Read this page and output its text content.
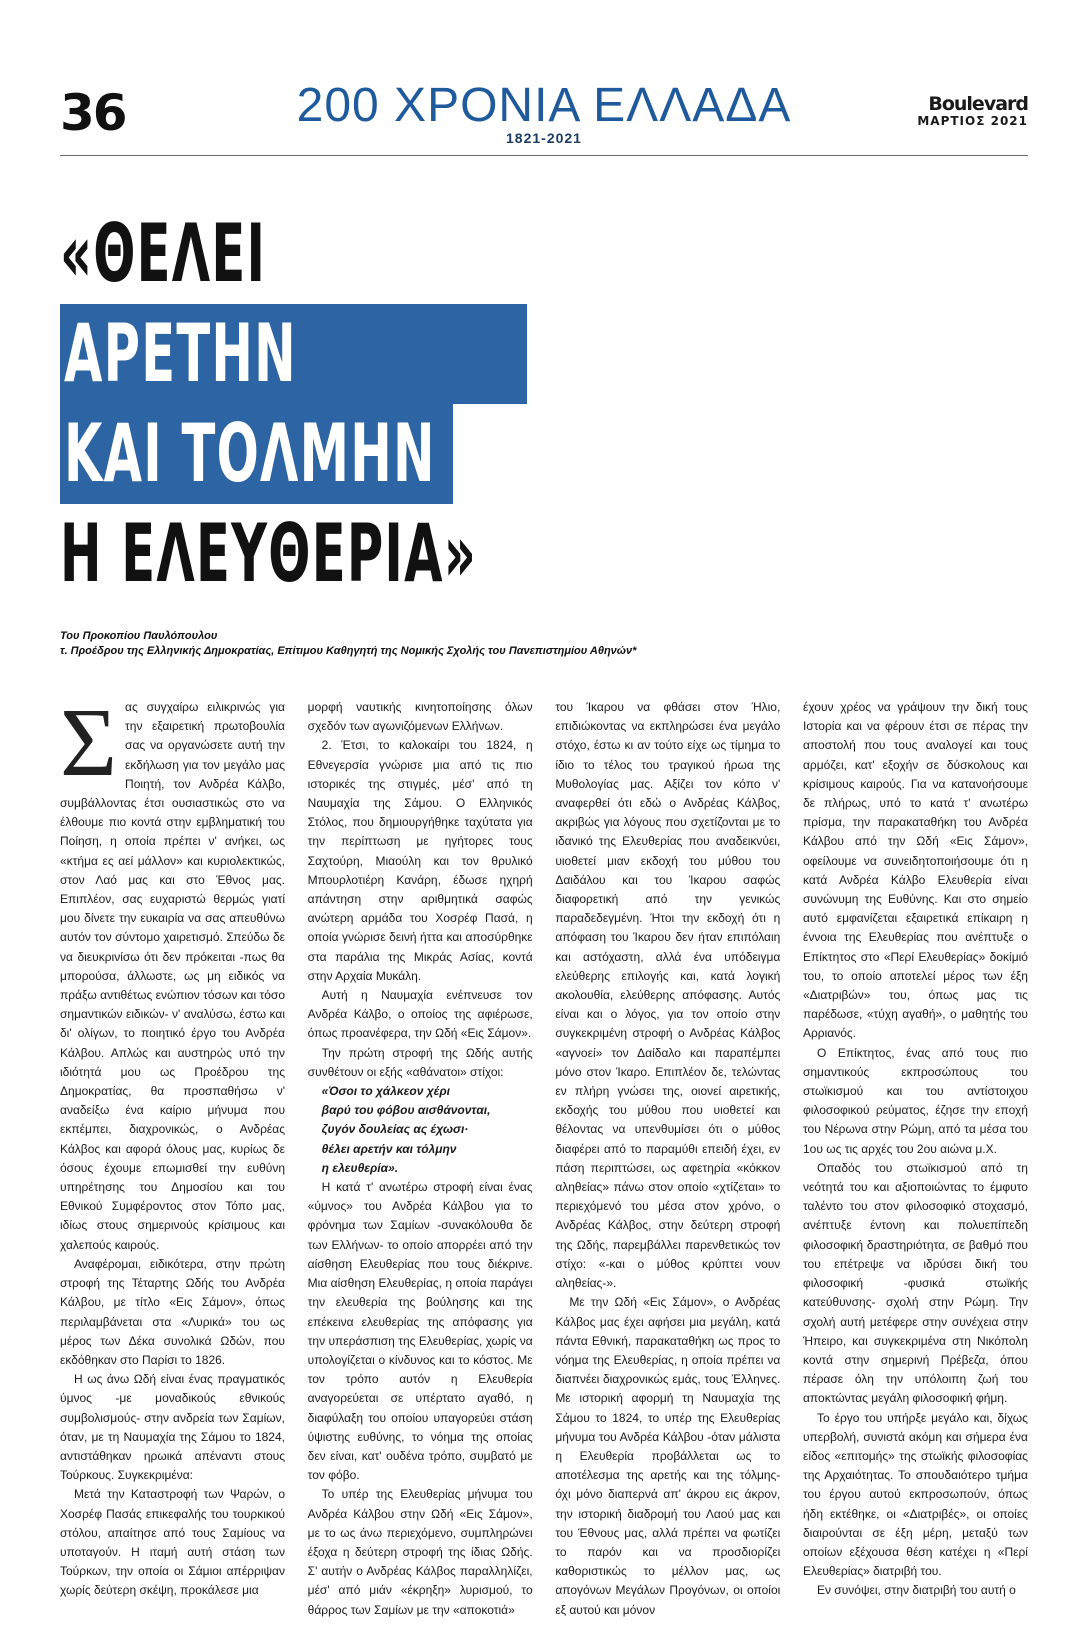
36	200 ΧΡΟΝΙΑ ΕΛΛΑΔΑ
1821-2021
Boulevard
ΜΑΡΤΙΟΣ 2021
«ΘΕΛΕΙ
ΑΡΕΤΗΝ
ΚΑΙ ΤΟΛΜΗΝ
Η ΕΛΕΥΘΕΡΙΑ»
Του Προκοπίου Παυλόπουλου
τ. Προέδρου της Ελληνικής Δημοκρατίας, Επίτιμου Καθηγητή της Νομικής Σχολής του Πανεπιστημίου Αθηνών*
Σ ας συγχαίρω ειλικρινώς για την εξαιρετική πρωτοβουλία σας να οργανώσετε αυτή την εκδήλωση για τον μεγάλο μας Ποιητή, τον Ανδρέα Κάλβο, συμβάλλοντας έτσι ουσιαστικώς στο να έλθουμε πιο κοντά στην εμβληματική του Ποίηση, η οποία πρέπει ν' ανήκει, ως «κτήμα ες αεί μάλλον» και κυριολεκτικώς, στον Λαό μας και στο Έθνος μας. Επιπλέον, σας ευχαριστώ θερμώς γιατί μου δίνετε την ευκαιρία να σας απευθύνω αυτόν τον σύντομο χαιρετισμό. Σπεύδω δε να διευκρινίσω ότι δεν πρόκειται -πως θα μπορούσα, άλλωστε, ως μη ειδικός να πράξω αντιθέτως ενώπιον τόσων και τόσο σημαντικών ειδικών- ν' αναλύσω, έστω και δι' ολίγων, το ποιητικό έργο του Ανδρέα Κάλβου. Απλώς και αυστηρώς υπό την ιδιότητά μου ως Προέδρου της Δημοκρατίας, θα προσπαθήσω ν' αναδείξω ένα καίριο μήνυμα που εκπέμπει, διαχρονικώς, ο Ανδρέας Κάλβος και αφορά όλους μας, κυρίως δε όσους έχουμε επωμισθεί την ευθύνη υπηρέτησης του Δημοσίου και του Εθνικού Συμφέροντος στον Τόπο μας, ιδίως στους σημερινούς κρίσιμους και χαλεπούς καιρούς.

Αναφέρομαι, ειδικότερα, στην πρώτη στροφή της Τέταρτης Ωδής του Ανδρέα Κάλβου, με τίτλο «Εις Σάμον», όπως περιλαμβάνεται στα «Λυρικά» του ως μέρος των Δέκα συνολικά Ωδών, που εκδόθηκαν στο Παρίσι το 1826.

Η ως άνω Ωδή είναι ένας πραγματικός ύμνος -με μοναδικούς εθνικούς συμβολισμούς- στην ανδρεία των Σαμίων, όταν, με τη Ναυμαχία της Σάμου το 1824, αντιστάθηκαν ηρωικά απέναντι στους Τούρκους. Συγκεκριμένα:

Μετά την Καταστροφή των Ψαρών, ο Χοσρέφ Πασάς επικεφαλής του τουρκικού στόλου, απαίτησε από τους Σαμίους να υποταγούν. Η ιταμή αυτή στάση των Τούρκων, την οποία οι Σάμιοι απέρριψαν χωρίς δεύτερη σκέψη, προκάλεσε μια

μορφή ναυτικής κινητοποίησης όλων σχεδόν των αγωνιζόμενων Ελλήνων.

2. Έτσι, το καλοκαίρι του 1824, η Εθνεγερσία γνώρισε μια από τις πιο ιστορικές της στιγμές, μέσ' από τη Ναυμαχία της Σάμου. Ο Ελληνικός Στόλος, που δημιουργήθηκε ταχύτατα για την περίπτωση με ηγήτορες τους Σαχτούρη, Μιαούλη και τον θρυλικό Μπουρλοτιέρη Κανάρη, έδωσε ηχηρή απάντηση στην αριθμητικά σαφώς ανώτερη αρμάδα του Χοσρέφ Πασά, η οποία γνώρισε δεινή ήττα και αποσύρθηκε στα παράλια της Μικράς Ασίας, κοντά στην Αρχαία Μυκάλη.

Αυτή η Ναυμαχία ενέπνευσε τον Ανδρέα Κάλβο, ο οποίος της αφιέρωσε, όπως προανέφερα, την Ωδή «Εις Σάμον».

Την πρώτη στροφή της Ωδής αυτής συνθέτουν οι εξής «αθάνατοι» στίχοι:

«Όσοι το χάλκεον χέρι

βαρύ του φόβου αισθάνονται,

ζυγόν δουλείας ας έχωσι·

θέλει αρετήν και τόλμην

η ελευθερία».

Η κατά τ' ανωτέρω στροφή είναι ένας «ύμνος» του Ανδρέα Κάλβου για το φρόνημα των Σαμίων -συνακόλουθα δε των Ελλήνων- το οποίο απορρέει από την αίσθηση Ελευθερίας που τους διέκρινε. Μια αίσθηση Ελευθερίας, η οποία παράγει την ελευθερία της βούλησης και της επέκεινα ελευθερίας της απόφασης για την υπεράσπιση της Ελευθερίας, χωρίς να υπολογίζεται ο κίνδυνος και το κόστος. Με τον τρόπο αυτόν η Ελευθερία αναγορεύεται σε υπέρτατο αγαθό, η διαφύλαξη του οποίου υπαγορεύει στάση ύψιστης ευθύνης, το νόημα της οποίας δεν είναι, κατ' ουδένα τρόπο, συμβατό με τον φόβο.

Το υπέρ της Ελευθερίας μήνυμα του Ανδρέα Κάλβου στην Ωδή «Εις Σάμον», με το ως άνω περιεχόμενο, συμπληρώνει έξοχα η δεύτερη στροφή της ίδιας Ωδής. Σ' αυτήν ο Ανδρέας Κάλβος παραλληλίζει, μέσ' από μιάν «έκρηξη» λυρισμού, το θάρρος των Σαμίων με την «αποκοτιά»

του Ίκαρου να φθάσει στον Ήλιο, επιδιώκοντας να εκπληρώσει ένα μεγάλο στόχο, έστω κι αν τούτο είχε ως τίμημα το ίδιο το τέλος του τραγικού ήρωα της Μυθολογίας μας. Αξίζει τον κόπο ν' αναφερθεί ότι εδώ ο Ανδρέας Κάλβος, ακριβώς για λόγους που σχετίζονται με το ιδανικό της Ελευθερίας που αναδεικνύει, υιοθετεί μιαν εκδοχή του μύθου του Δαιδάλου και του Ίκαρου σαφώς διαφορετική από την γενικώς παραδεδεγμένη. Ήτοι την εκδοχή ότι η απόφαση του Ίκαρου δεν ήταν επιπόλαιη και αστόχαστη, αλλά ένα υπόδειγμα ελεύθερης επιλογής και, κατά λογική ακολουθία, ελεύθερης απόφασης. Αυτός είναι και ο λόγος, για τον οποίο στην συγκεκριμένη στροφή ο Ανδρέας Κάλβος «αγνοεί» τον Δαίδαλο και παραπέμπει μόνο στον Ίκαρο. Επιπλέον δε, τελώντας εν πλήρη γνώσει της, οιονεί αιρετικής, εκδοχής του μύθου που υιοθετεί και θέλοντας να υπενθυμίσει ότι ο μύθος διαφέρει από το παραμύθι επειδή έχει, εν πάση περιπτώσει, ως αφετηρία «κόκκον αληθείας» πάνω στον οποίο «χτίζεται» το περιεχόμενό του μέσα στον χρόνο, ο Ανδρέας Κάλβος, στην δεύτερη στροφή της Ωδής, παρεμβάλλει παρενθετικώς τον στίχο: «-και ο μύθος κρύπτει νουν αληθείας-».

Με την Ωδή «Εις Σάμον», ο Ανδρέας Κάλβος μας έχει αφήσει μια μεγάλη, κατά πάντα Εθνική, παρακαταθήκη ως προς το νόημα της Ελευθερίας, η οποία πρέπει να διαπνέει διαχρονικώς εμάς, τους Έλληνες. Με ιστορική αφορμή τη Ναυμαχία της Σάμου το 1824, το υπέρ της Ελευθερίας μήνυμα του Ανδρέα Κάλβου -όταν μάλιστα η Ελευθερία προβάλλεται ως το αποτέλεσμα της αρετής και της τόλμης- όχι μόνο διαπερνά απ' άκρου εις άκρον, την ιστορική διαδρομή του Λαού μας και του Έθνους μας, αλλά πρέπει να φωτίζει το παρόν και να προσδιορίζει καθοριστικώς το μέλλον μας, ως απογόνων Μεγάλων Προγόνων, οι οποίοι εξ αυτού και μόνον

έχουν χρέος να γράψουν την δική τους Ιστορία και να φέρουν έτσι σε πέρας την αποστολή που τους αναλογεί και τους αρμόζει, κατ' εξοχήν σε δύσκολους και κρίσιμους καιρούς. Για να κατανοήσουμε δε πλήρως, υπό το κατά τ' ανωτέρω πρίσμα, την παρακαταθήκη του Ανδρέα Κάλβου από την Ωδή «Εις Σάμον», οφείλουμε να συνειδητοποιήσουμε ότι η κατά Ανδρέα Κάλβο Ελευθερία είναι συνώνυμη της Ευθύνης. Και στο σημείο αυτό εμφανίζεται εξαιρετικά επίκαιρη η έννοια της Ελευθερίας που ανέπτυξε ο Επίκτητος στο «Περί Ελευθερίας» δοκίμιό του, το οποίο αποτελεί μέρος των έξη «Διατριβών» του, όπως μας τις παρέδωσε, «τύχη αγαθή», ο μαθητής του Αρριανός.

Ο Επίκτητος, ένας από τους πιο σημαντικούς εκπροσώπους του στωϊκισμού και του αντίστοιχου φιλοσοφικού ρεύματος, έζησε την εποχή του Νέρωνα στην Ρώμη, από τα μέσα του 1ου ως τις αρχές του 2ου αιώνα μ.Χ.

Οπαδός του στωϊκισμού από τη νεότητά του και αξιοποιώντας το έμφυτο ταλέντο του στον φιλοσοφικό στοχασμό, ανέπτυξε έντονη και πολυεπίπεδη φιλοσοφική δραστηριότητα, σε βαθμό που του επέτρεψε να ιδρύσει δική του φιλοσοφική -φυσικά στωϊκής κατεύθυνσης- σχολή στην Ρώμη. Την σχολή αυτή μετέφερε στην συνέχεια στην Ήπειρο, και συγκεκριμένα στη Νικόπολη κοντά στην σημερινή Πρέβεζα, όπου πέρασε όλη την υπόλοιπη ζωή του αποκτώντας μεγάλη φιλοσοφική φήμη.

Το έργο του υπήρξε μεγάλο και, δίχως υπερβολή, συνιστά ακόμη και σήμερα ένα είδος «επιτομής» της στωϊκής φιλοσοφίας της Αρχαιότητας. Το σπουδαιότερο τμήμα του έργου αυτού εκπροσωπούν, όπως ήδη εκτέθηκε, οι «Διατριβές», οι οποίες διαιρούνται σε έξη μέρη, μεταξύ των οποίων εξέχουσα θέση κατέχει η «Περί Ελευθερίας» διατριβή του.

Εν συνόψει, στην διατριβή του αυτή ο
